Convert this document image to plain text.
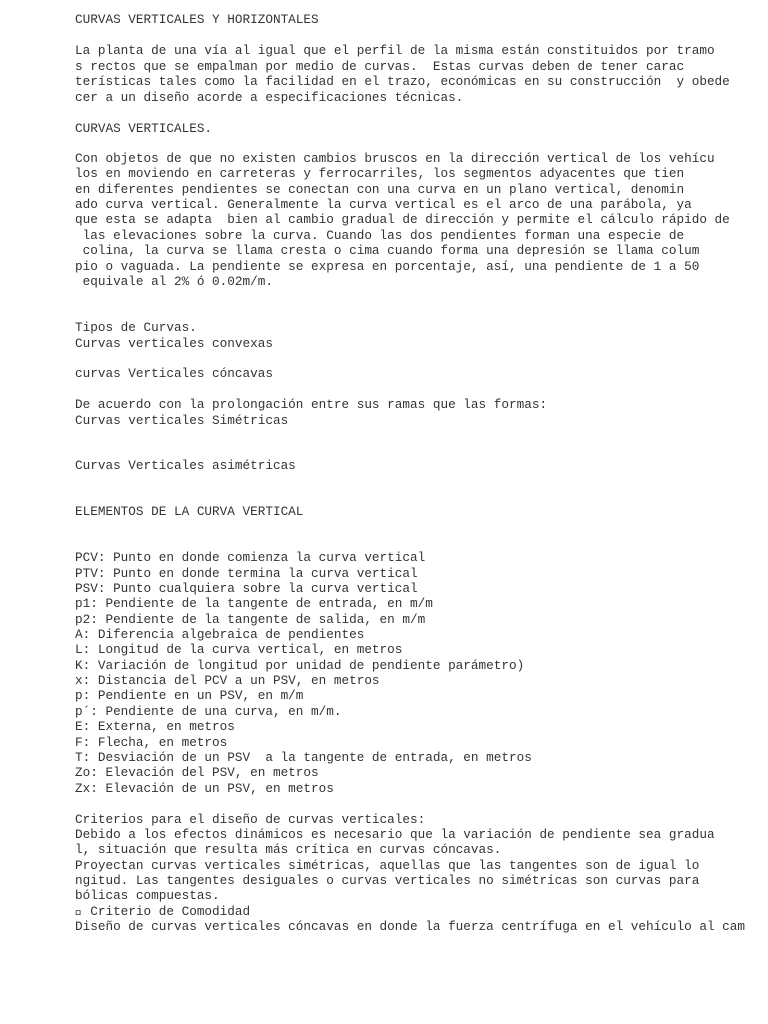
CURVAS VERTICALES Y HORIZONTALES
La planta de una vía al igual que el perfil de la misma están constituidos por tramo
s rectos que se empalman por medio de curvas.  Estas curvas deben de tener carac
terísticas tales como la facilidad en el trazo, económicas en su construcción  y obede
cer a un diseño acorde a especificaciones técnicas.
CURVAS VERTICALES.
Con objetos de que no existen cambios bruscos en la dirección vertical de los vehícu
los en moviendo en carreteras y ferrocarriles, los segmentos adyacentes que tien
en diferentes pendientes se conectan con una curva en un plano vertical, denomin
ado curva vertical. Generalmente la curva vertical es el arco de una parábola, ya
que esta se adapta  bien al cambio gradual de dirección y permite el cálculo rápido de
las elevaciones sobre la curva. Cuando las dos pendientes forman una especie de
colina, la curva se llama cresta o cima cuando forma una depresión se llama colum
pio o vaguada. La pendiente se expresa en porcentaje, así, una pendiente de 1 a 50
equivale al 2% ó 0.02m/m.
Tipos de Curvas.
Curvas verticales convexas
curvas Verticales cóncavas
De acuerdo con la prolongación entre sus ramas que las formas:
Curvas verticales Simétricas
Curvas Verticales asimétricas
ELEMENTOS DE LA CURVA VERTICAL
PCV: Punto en donde comienza la curva vertical
PTV: Punto en donde termina la curva vertical
PSV: Punto cualquiera sobre la curva vertical
p1: Pendiente de la tangente de entrada, en m/m
p2: Pendiente de la tangente de salida, en m/m
A: Diferencia algebraica de pendientes
L: Longitud de la curva vertical, en metros
K: Variación de longitud por unidad de pendiente parámetro)
x: Distancia del PCV a un PSV, en metros
p: Pendiente en un PSV, en m/m
p´: Pendiente de una curva, en m/m.
E: Externa, en metros
F: Flecha, en metros
T: Desviación de un PSV  a la tangente de entrada, en metros
Zo: Elevación del PSV, en metros
Zx: Elevación de un PSV, en metros
Criterios para el diseño de curvas verticales:
Debido a los efectos dinámicos es necesario que la variación de pendiente sea gradua
l, situación que resulta más crítica en curvas cóncavas.
Proyectan curvas verticales simétricas, aquellas que las tangentes son de igual lo
ngitud. Las tangentes desiguales o curvas verticales no simétricas son curvas para
bólicas compuestas.
Criterio de Comodidad
Diseño de curvas verticales cóncavas en donde la fuerza centrífuga en el vehículo al cam
